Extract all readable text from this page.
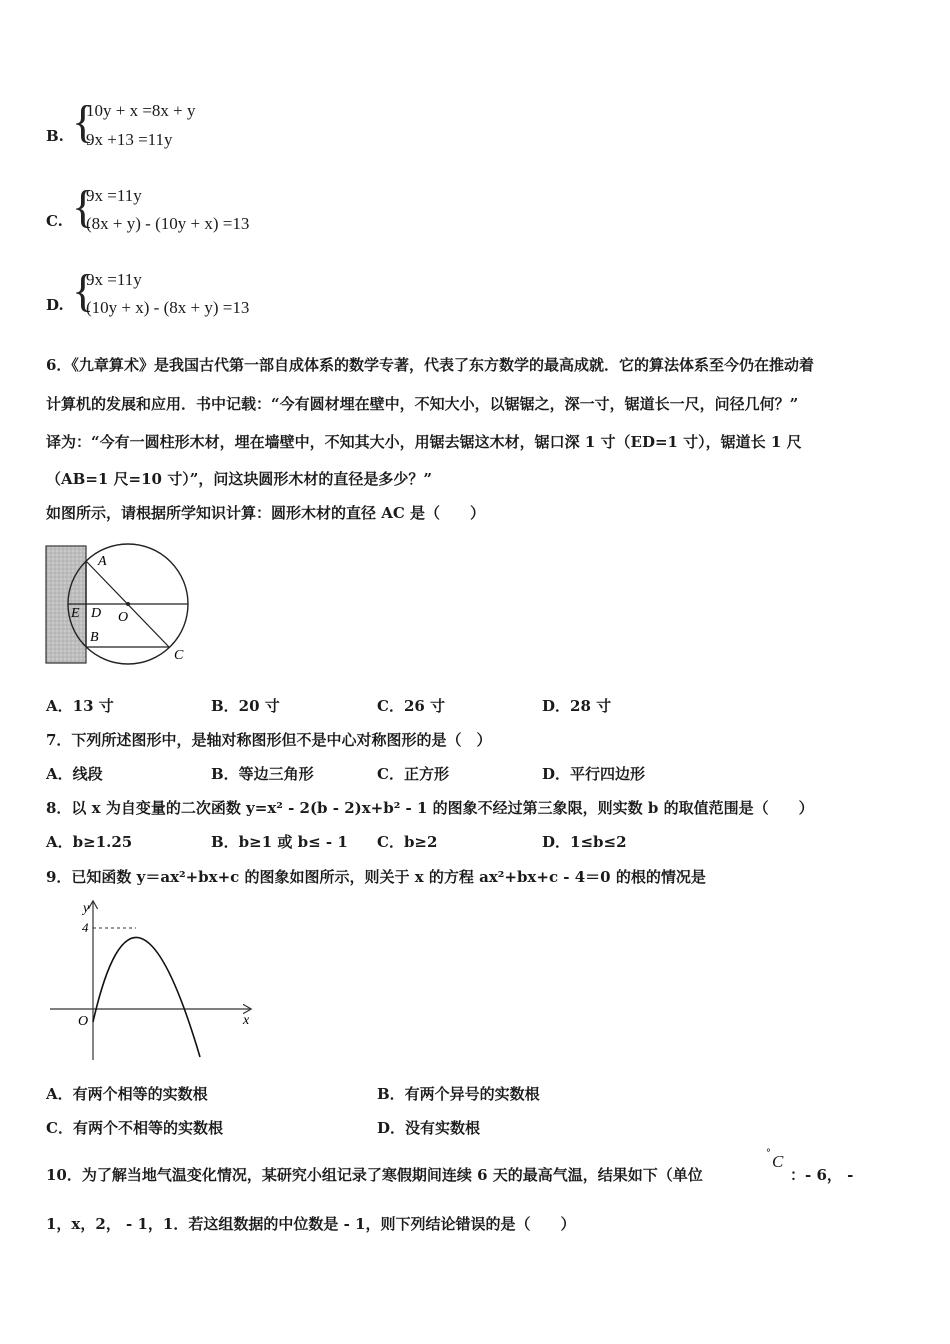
B. {
10y + x =8x + y
9x +13 =11y
C. {
9x =11y
(8x + y) - (10y + x) =13
D. {
9x =11y
(10y + x) - (8x + y) =13
6．《九章算术》是我国古代第一部自成体系的数学专著，代表了东方数学的最高成就．它的算法体系至今仍在推动着
计算机的发展和应用．书中记载：“今有圆材埋在壁中，不知大小，以锯锯之，深一寸，锯道长一尺，问径几何？”
译为：“今有一圆柱形木材，埋在墙壁中，不知其大小，用锯去锯这木材，锯口深 1 寸（ED=1 寸），锯道长 1 尺
（AB=1 尺=10 寸）”，问这块圆形木材的直径是多少？”
如图所示，请根据所学知识计算：圆形木材的直径 AC 是（　　）
A
E D O
B
C
A．13 寸	B．20 寸	C．26 寸	D．28 寸
7．下列所述图形中，是轴对称图形但不是中心对称图形的是（　）
A．线段	B．等边三角形	C．正方形	D．平行四边形
8．以 x 为自变量的二次函数 y=x² - 2(b - 2)x+b² - 1 的图象不经过第三象限，则实数 b 的取值范围是（　　）
A．b≥1.25	B．b≥1 或 b≤ - 1 C．b≥2	D．1≤b≤2
9．已知函数 y＝ax²+bx+c 的图象如图所示，则关于 x 的方程 ax²+bx+c - 4＝0 的根的情况是
4
y
x
O
A．有两个相等的实数根	B．有两个异号的实数根
C．有两个不相等的实数根	D．没有实数根
10．为了解当地气温变化情况，某研究小组记录了寒假期间连续 6 天的最高气温，结果如下（单位
° C
：- 6， -
1，x，2， - 1，1．若这组数据的中位数是 - 1，则下列结论错误的是（　　）
